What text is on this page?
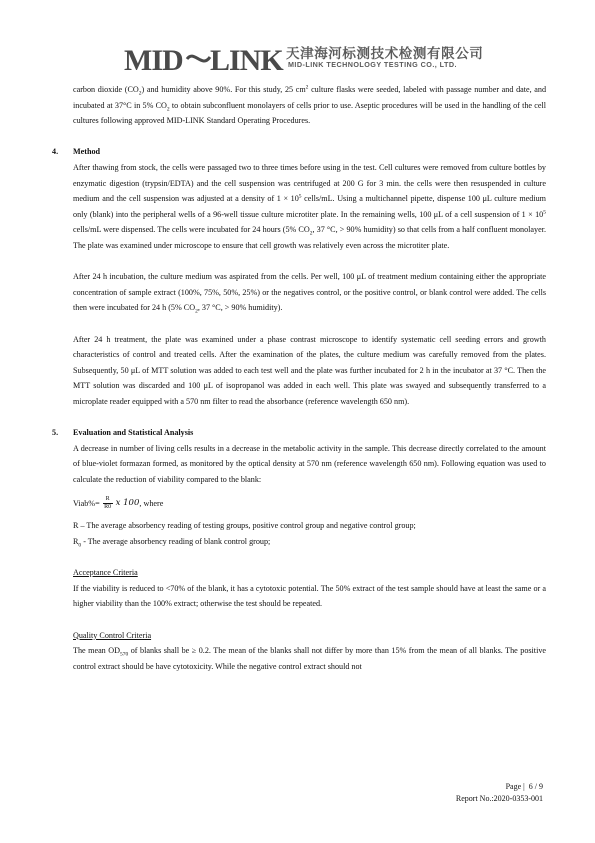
MID LINK 天津海河标测技术检测有限公司
MID-LINK TECHNOLOGY TESTING CO., LTD.

carbon dioxide $(CO_2)$ and humidity above 90%. For this study, 25 $cm^2$ culture flasks were seeded, labeled with passage number and date, and incubated at 37°C in 5% $CO_2$ to obtain subconfluent monolayers of cells prior to use. Aseptic procedures will be used in the handling of the cell cultures following approved MID-LINK Standard Operating Procedures.

4.	Method

After thawing from stock, the cells were passaged two to three times before using in the test. Cell cultures were removed from culture bottles by enzymatic digestion (trypsin/EDTA) and the cell suspension was centrifuged at 200 G for 3 min. the cells were then resuspended in culture medium and the cell suspension was adjusted at a density of $1 \times 10^5$ cells/mL. Using a multichannel pipette, dispense 100 μL culture medium only (blank) into the peripheral wells of a 96-well tissue culture microtiter plate. In the remaining wells, 100 μL of a cell suspension of $1 \times 10^5$ cells/mL were dispensed. The cells were incubated for 24 hours (5% $CO_2$, 37 °C, > 90% humidity) so that cells from a half confluent monolayer. The plate was examined under microscope to ensure that cell growth was relatively even across the microtiter plate.

After 24 h incubation, the culture medium was aspirated from the cells. Per well, 100 μL of treatment medium containing either the appropriate concentration of sample extract (100%, 75%, 50%, 25%) or the negatives control, or the positive control, or blank control were added. The cells then were incubated for 24 h (5% $CO_2$, 37 °C, > 90% humidity).

After 24 h treatment, the plate was examined under a phase contrast microscope to identify systematic cell seeding errors and growth characteristics of control and treated cells. After the examination of the plates, the culture medium was carefully removed from the plates. Subsequently, 50 μL of MTT solution was added to each test well and the plate was further incubated for 2 h in the incubator at 37 °C. Then the MTT solution was discarded and 100 μL of isopropanol was added in each well. This plate was swayed and subsequently transferred to a microplate reader equipped with a 570 nm filter to read the absorbance (reference wavelength 650 nm).

5.	Evaluation and Statistical Analysis

A decrease in number of living cells results in a decrease in the metabolic activity in the sample. This decrease directly correlated to the amount of blue-violet formazan formed, as monitored by the optical density at 570 nm (reference wavelength 650 nm). Following equation was used to calculate the reduction of viability compared to the blank:

Viab%= $\frac{R}{R0}$ x 100 , where

R – The average absorbency reading of testing groups, positive control group and negative control group;

$R_0$ - The average absorbency reading of blank control group;

Acceptance Criteria

If the viability is reduced to <70% of the blank, it has a cytotoxic potential. The 50% extract of the test sample should have at least the same or a higher viability than the 100% extract; otherwise the test should be repeated.

Quality Control Criteria

The mean $OD_{570}$ of blanks shall be ≥ 0.2. The mean of the blanks shall not differ by more than 15% from the mean of all blanks. The positive control extract should be have cytotoxicity. While the negative control extract should not

Page |  6 / 9
Report No.:2020-0353-001
